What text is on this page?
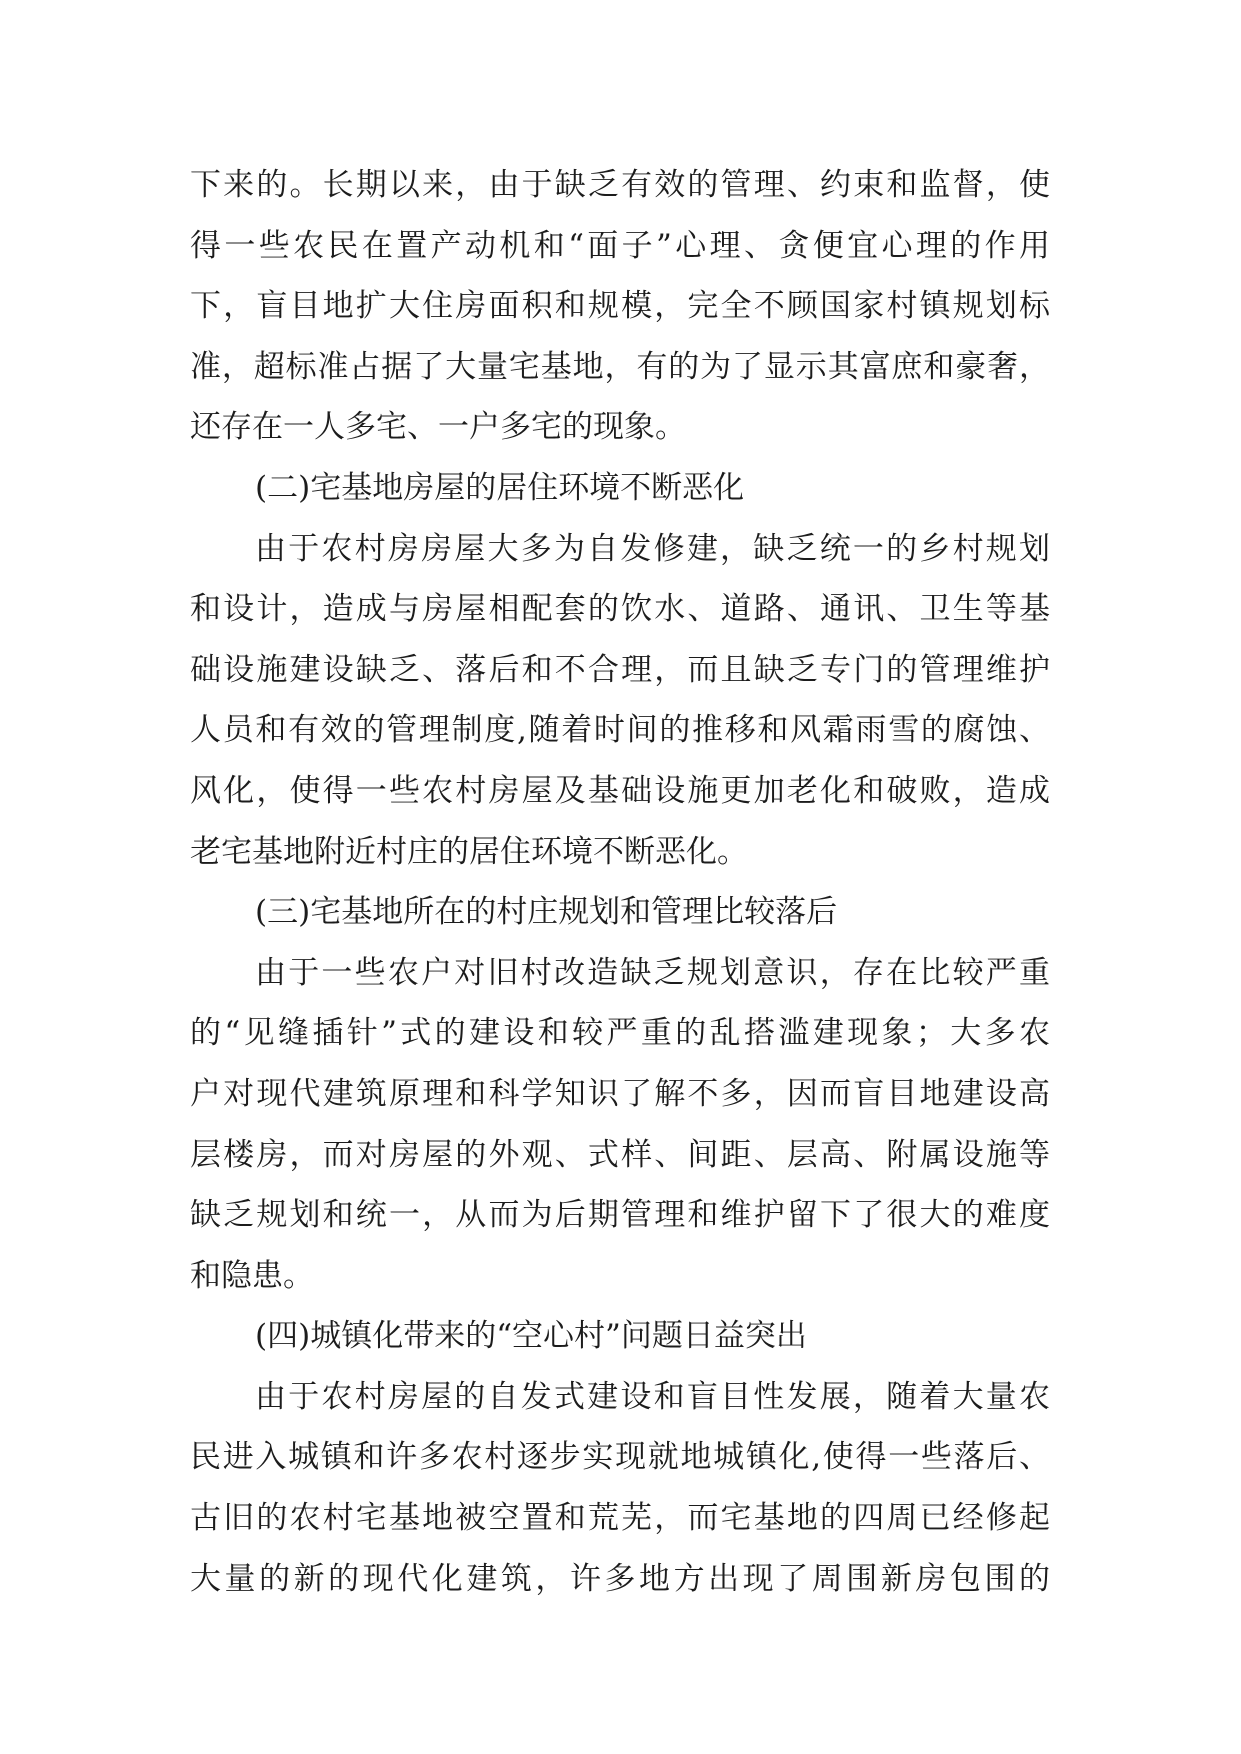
下来的。长期以来，由于缺乏有效的管理、约束和监督，使
得一些农民在置产动机和“面子”心理、贪便宜心理的作用
下，盲目地扩大住房面积和规模，完全不顾国家村镇规划标
准，超标准占据了大量宅基地，有的为了显示其富庶和豪奢，
还存在一人多宅、一户多宅的现象。
(二)宅基地房屋的居住环境不断恶化
由于农村房房屋大多为自发修建，缺乏统一的乡村规划
和设计，造成与房屋相配套的饮水、道路、通讯、卫生等基
础设施建设缺乏、落后和不合理，而且缺乏专门的管理维护
人员和有效的管理制度,随着时间的推移和风霜雨雪的腐蚀、
风化，使得一些农村房屋及基础设施更加老化和破败，造成
老宅基地附近村庄的居住环境不断恶化。
(三)宅基地所在的村庄规划和管理比较落后
由于一些农户对旧村改造缺乏规划意识，存在比较严重
的“见缝插针”式的建设和较严重的乱搭滥建现象；大多农
户对现代建筑原理和科学知识了解不多，因而盲目地建设高
层楼房，而对房屋的外观、式样、间距、层高、附属设施等
缺乏规划和统一，从而为后期管理和维护留下了很大的难度
和隐患。
(四)城镇化带来的“空心村”问题日益突出
由于农村房屋的自发式建设和盲目性发展，随着大量农
民进入城镇和许多农村逐步实现就地城镇化,使得一些落后、
古旧的农村宅基地被空置和荒芜，而宅基地的四周已经修起
大量的新的现代化建筑，许多地方出现了周围新房包围的
